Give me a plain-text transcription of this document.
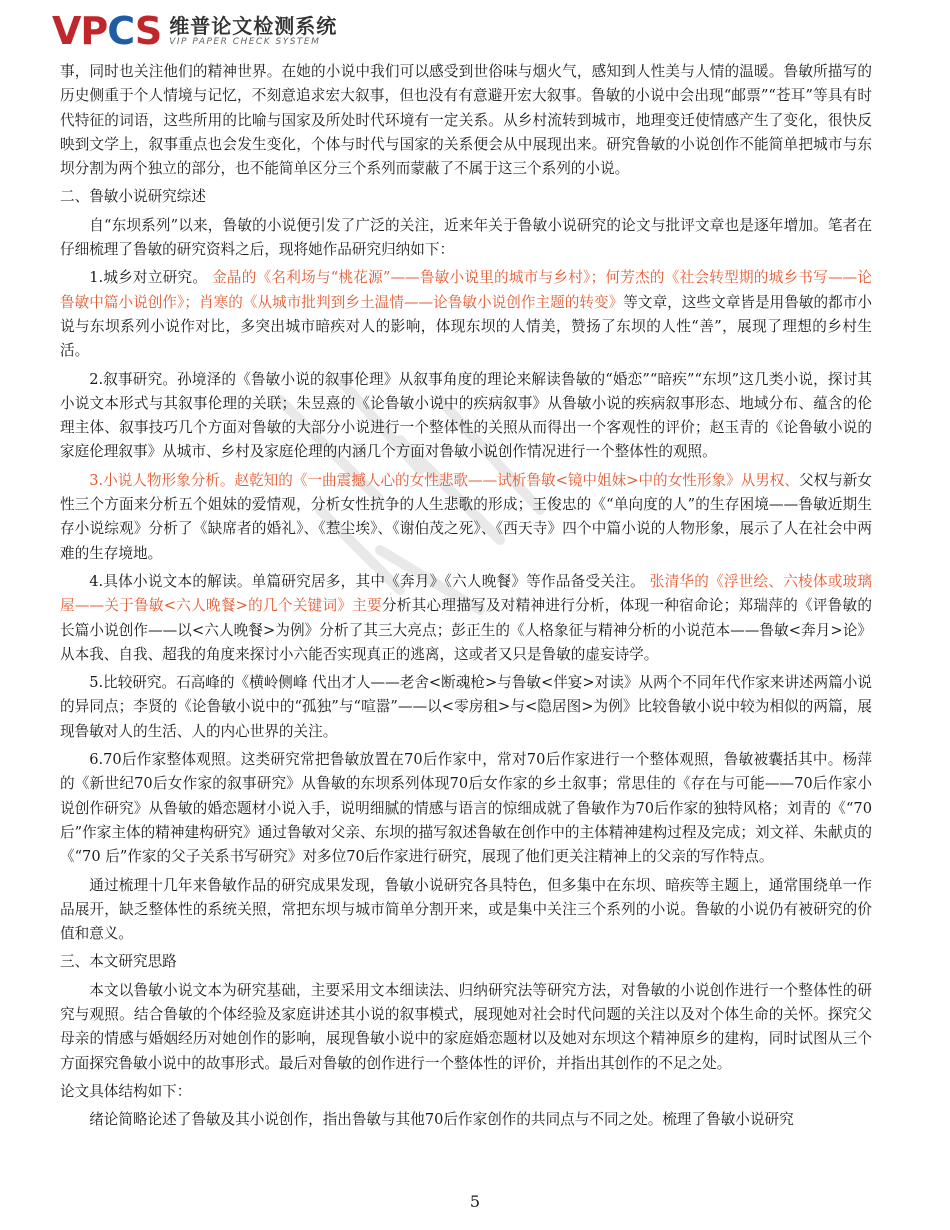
VPCS 维普论文检测系统
VIP PAPER CHECK SYSTEM

事，同时也关注他们的精神世界。在她的小说中我们可以感受到世俗味与烟火气，感知到人性美与人情的温暖。鲁敏所描写的历史侧重于个人情境与记忆，不刻意追求宏大叙事，但也没有有意避开宏大叙事。鲁敏的小说中会出现“邮票”“苍耳”等具有时代特征的词语，这些所用的比喻与国家及所处时代环境有一定关系。从乡村流转到城市，地理变迁使情感产生了变化，很快反映到文学上，叙事重点也会发生变化，个体与时代与国家的关系便会从中展现出来。研究鲁敏的小说创作不能简单把城市与东坝分割为两个独立的部分，也不能简单区分三个系列而蒙蔽了不属于这三个系列的小说。

二、鲁敏小说研究综述

自“东坝系列”以来，鲁敏的小说便引发了广泛的关注，近来年关于鲁敏小说研究的论文与批评文章也是逐年增加。笔者在仔细梳理了鲁敏的研究资料之后，现将她作品研究归纳如下：

1.城乡对立研究。 金晶的《名利场与“桃花源”——鲁敏小说里的城市与乡村》；何芳杰的《社会转型期的城乡书写——论鲁敏中篇小说创作》；肖寒的《从城市批判到乡土温情——论鲁敏小说创作主题的转变》等文章，这些文章皆是用鲁敏的都市小说与东坝系列小说作对比，多突出城市暗疾对人的影响，体现东坝的人情美，赞扬了东坝的人性“善”，展现了理想的乡村生活。

2.叙事研究。孙境泽的《鲁敏小说的叙事伦理》从叙事角度的理论来解读鲁敏的“婚恋”“暗疾”“东坝”这几类小说，探讨其小说文本形式与其叙事伦理的关联；朱昱熹的《论鲁敏小说中的疾病叙事》从鲁敏小说的疾病叙事形态、地域分布、蕴含的伦理主体、叙事技巧几个方面对鲁敏的大部分小说进行一个整体性的关照从而得出一个客观性的评价；赵玉青的《论鲁敏小说的家庭伦理叙事》从城市、乡村及家庭伦理的内涵几个方面对鲁敏小说创作情况进行一个整体性的观照。

3.小说人物形象分析。赵乾知的《一曲震撼人心的女性悲歌——试析鲁敏<镜中姐妹>中的女性形象》从男权、父权与新女性三个方面来分析五个姐妹的爱情观，分析女性抗争的人生悲歌的形成；王俊忠的《“单向度的人”的生存困境——鲁敏近期生存小说综观》分析了《缺席者的婚礼》、《惹尘埃》、《谢伯茂之死》、《西天寺》四个中篇小说的人物形象，展示了人在社会中两难的生存境地。

4.具体小说文本的解读。单篇研究居多，其中《奔月》《六人晚餐》等作品备受关注。 张清华的《浮世绘、六棱体或玻璃屋——关于鲁敏<六人晚餐>的几个关键词》主要分析其心理描写及对精神进行分析，体现一种宿命论；郑瑞萍的《评鲁敏的长篇小说创作——以<六人晚餐>为例》分析了其三大亮点；彭正生的《人格象征与精神分析的小说范本——鲁敏<奔月>论》从本我、自我、超我的角度来探讨小六能否实现真正的逃离，这或者又只是鲁敏的虚妄诗学。

5.比较研究。石高峰的《横岭侧峰 代出才人——老舍<断魂枪>与鲁敏<伴宴>对读》从两个不同年代作家来讲述两篇小说的异同点；李贤的《论鲁敏小说中的“孤独”与“喧嚣”——以<零房租>与<隐居图>为例》比较鲁敏小说中较为相似的两篇，展现鲁敏对人的生活、人的内心世界的关注。

6.70后作家整体观照。这类研究常把鲁敏放置在70后作家中，常对70后作家进行一个整体观照，鲁敏被囊括其中。杨萍的《新世纪70后女作家的叙事研究》从鲁敏的东坝系列体现70后女作家的乡土叙事；常思佳的《存在与可能——70后作家小说创作研究》从鲁敏的婚恋题材小说入手，说明细腻的情感与语言的惊细成就了鲁敏作为70后作家的独特风格；刘青的《“70后”作家主体的精神建构研究》通过鲁敏对父亲、东坝的描写叙述鲁敏在创作中的主体精神建构过程及完成；刘文祥、朱献贞的《“70 后”作家的父子关系书写研究》对多位70后作家进行研究，展现了他们更关注精神上的父亲的写作特点。

通过梳理十几年来鲁敏作品的研究成果发现，鲁敏小说研究各具特色，但多集中在东坝、暗疾等主题上，通常围绕单一作品展开，缺乏整体性的系统关照，常把东坝与城市简单分割开来，或是集中关注三个系列的小说。鲁敏的小说仍有被研究的价值和意义。

三、本文研究思路

本文以鲁敏小说文本为研究基础，主要采用文本细读法、归纳研究法等研究方法，对鲁敏的小说创作进行一个整体性的研究与观照。结合鲁敏的个体经验及家庭讲述其小说的叙事模式，展现她对社会时代问题的关注以及对个体生命的关怀。探究父母亲的情感与婚姻经历对她创作的影响，展现鲁敏小说中的家庭婚恋题材以及她对东坝这个精神原乡的建构，同时试图从三个方面探究鲁敏小说中的故事形式。最后对鲁敏的创作进行一个整体性的评价，并指出其创作的不足之处。

论文具体结构如下：

绪论简略论述了鲁敏及其小说创作，指出鲁敏与其他70后作家创作的共同点与不同之处。梳理了鲁敏小说研究

5
